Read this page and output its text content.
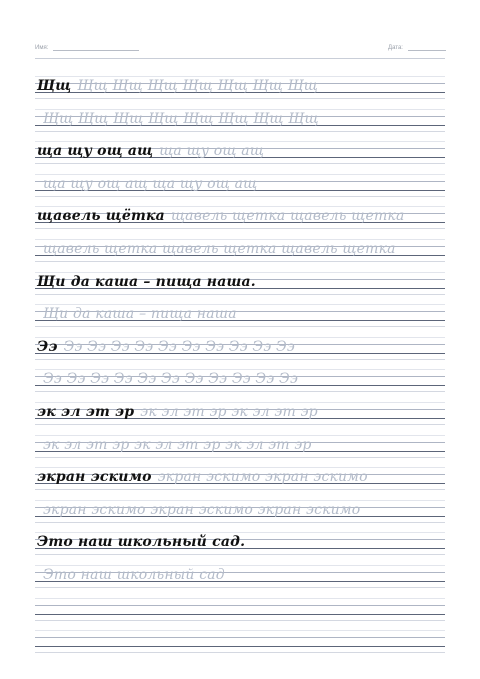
Имя:	Дата:
Щщ Щщ Щщ Щщ Щщ Щщ Щщ Щщ
Щщ Щщ Щщ Щщ Щщ Щщ Щщ Щщ
ща щу ощ ащ ща щу ощ ащ
ща щу ощ ащ ща щу ощ ащ
щавель щётка щавель щетка щавель щетка
щавель щетка щавель щетка щавель щетка
Щи да каша – пища наша.
Щи да каша – пища наша
Ээ Ээ Ээ Ээ Ээ Ээ Ээ Ээ Ээ Ээ Ээ
Ээ Ээ Ээ Ээ Ээ Ээ Ээ Ээ Ээ Ээ Ээ
эк эл эт эр эк эл эт эр эк эл эт эр
эк эл эт эр эк эл эт эр эк эл эт эр
экран эскимо экран эскимо экран эскимо
экран эскимо экран эскимо экран эскимо
Это наш школьный сад.
Это наш школьный сад
